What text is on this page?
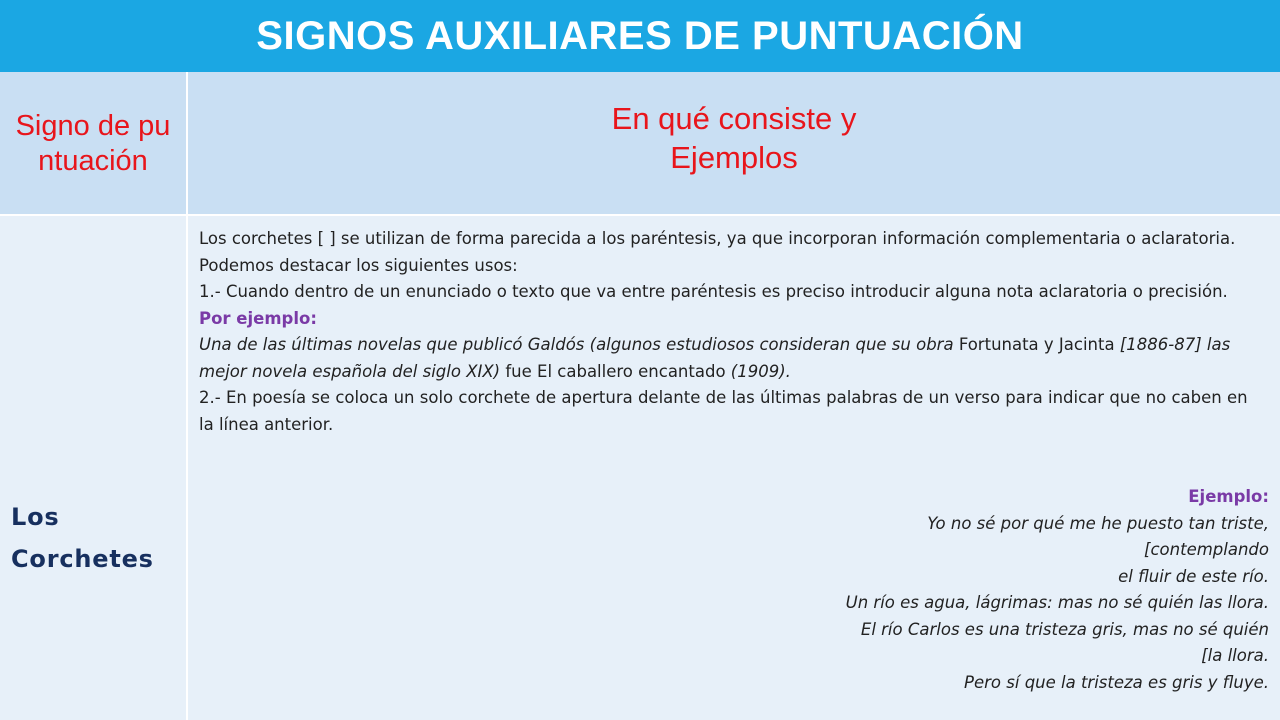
SIGNOS AUXILIARES DE PUNTUACIÓN
Signo de puntuación
En qué consiste y Ejemplos
Los Corchetes

Los corchetes [ ] se utilizan de forma parecida a los paréntesis, ya que incorporan información complementaria o aclaratoria. Podemos destacar los siguientes usos:

1.- Cuando dentro de un enunciado o texto que va entre paréntesis es preciso introducir alguna nota aclaratoria o precisión.

Por ejemplo:

Una de las últimas novelas que publicó Galdós (algunos estudiosos consideran que su obra Fortunata y Jacinta [1886-87] las mejor novela española del siglo XIX) fue El caballero encantado (1909).

2.- En poesía se coloca un solo corchete de apertura delante de las últimas palabras de un verso para indicar que no caben en la línea anterior.

Ejemplo:

Yo no sé por qué me he puesto tan triste,

[contemplando

el fluir de este río.

Un río es agua, lágrimas: mas no sé quién las llora.

El río Carlos es una tristeza gris, mas no sé quién

[la llora.

Pero sí que la tristeza es gris y fluye.
